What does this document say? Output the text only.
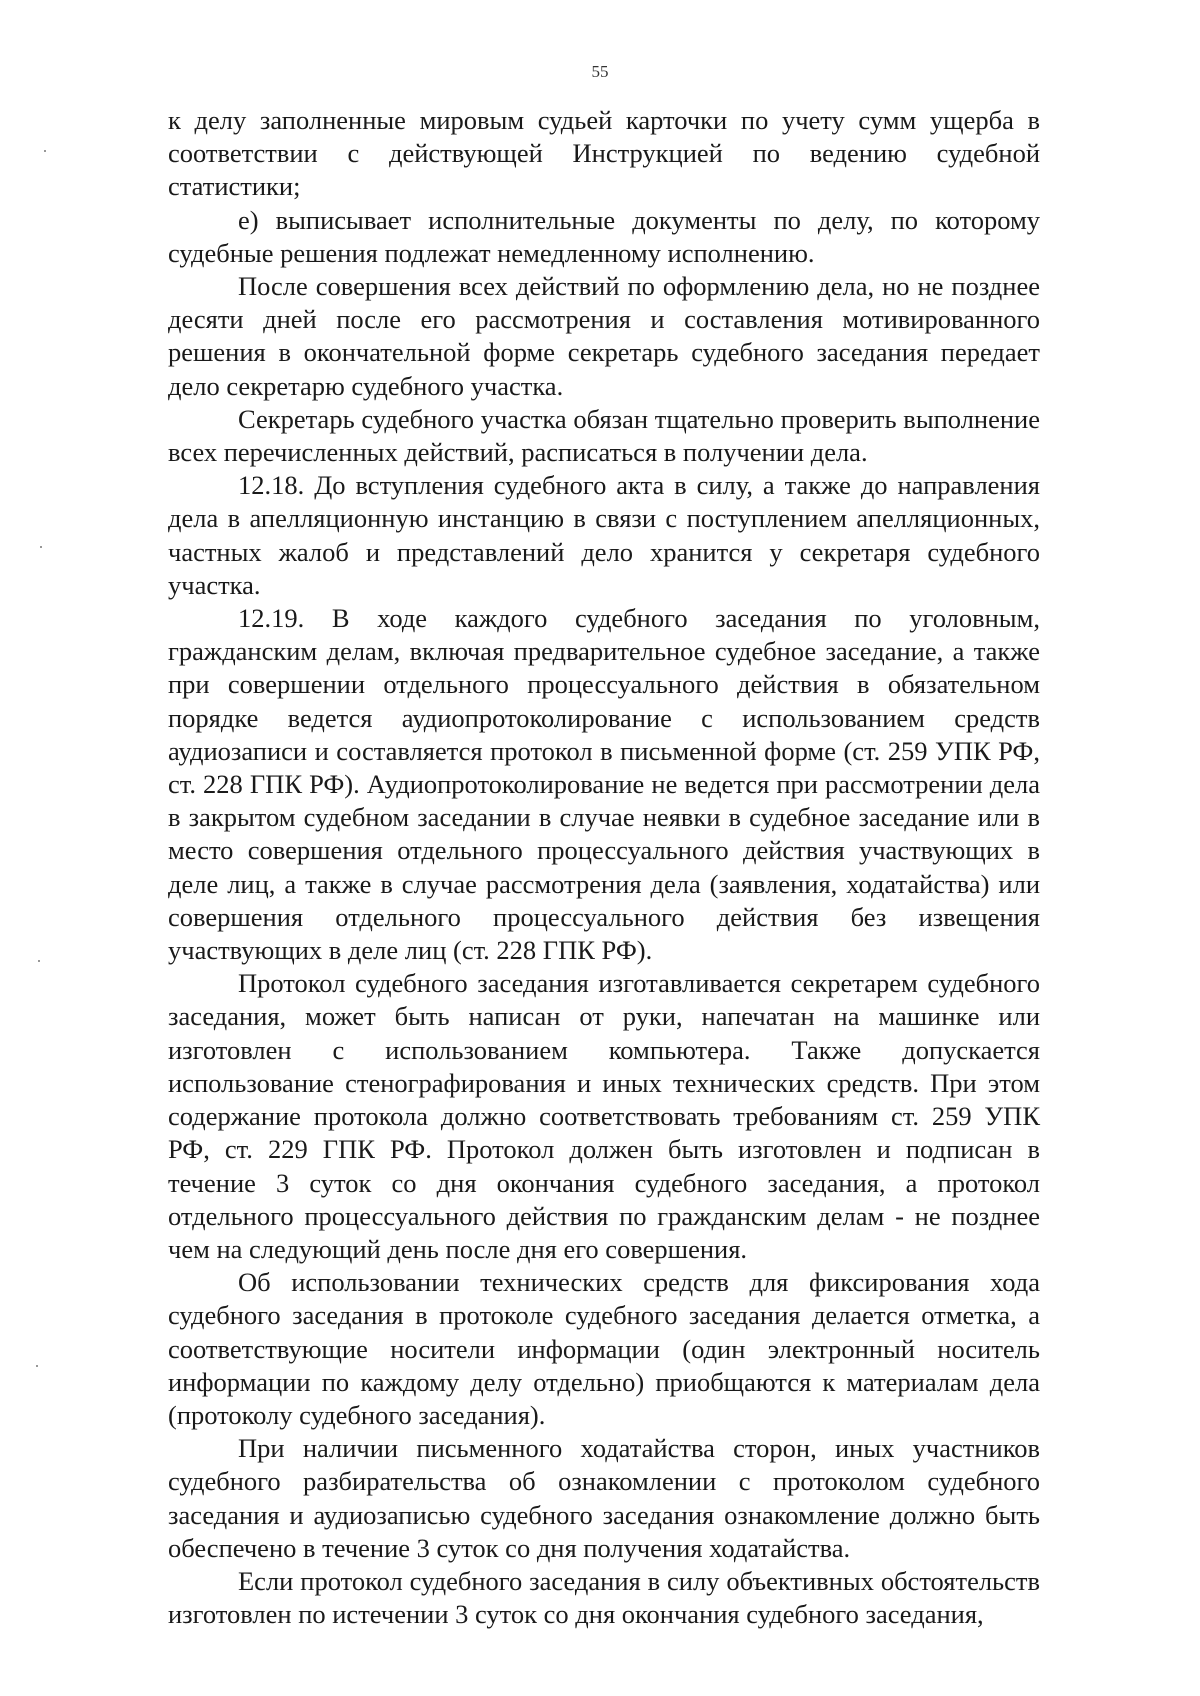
55

к делу заполненные мировым судьей карточки по учету сумм ущерба в соответствии с действующей Инструкцией по ведению судебной статистики;

е) выписывает исполнительные документы по делу, по которому судебные решения подлежат немедленному исполнению.

После совершения всех действий по оформлению дела, но не позднее десяти дней после его рассмотрения и составления мотивированного решения в окончательной форме секретарь судебного заседания передает дело секретарю судебного участка.

Секретарь судебного участка обязан тщательно проверить выполнение всех перечисленных действий, расписаться в получении дела.

12.18. До вступления судебного акта в силу, а также до направления дела в апелляционную инстанцию в связи с поступлением апелляционных, частных жалоб и представлений дело хранится у секретаря судебного участка.

12.19. В ходе каждого судебного заседания по уголовным, гражданским делам, включая предварительное судебное заседание, а также при совершении отдельного процессуального действия в обязательном порядке ведется аудиопротоколирование с использованием средств аудиозаписи и составляется протокол в письменной форме (ст. 259 УПК РФ, ст. 228 ГПК РФ). Аудиопротоколирование не ведется при рассмотрении дела в закрытом судебном заседании в случае неявки в судебное заседание или в место совершения отдельного процессуального действия участвующих в деле лиц, а также в случае рассмотрения дела (заявления, ходатайства) или совершения отдельного процессуального действия без извещения участвующих в деле лиц (ст. 228 ГПК РФ).

Протокол судебного заседания изготавливается секретарем судебного заседания, может быть написан от руки, напечатан на машинке или изготовлен с использованием компьютера. Также допускается использование стенографирования и иных технических средств. При этом содержание протокола должно соответствовать требованиям ст. 259 УПК РФ, ст. 229 ГПК РФ. Протокол должен быть изготовлен и подписан в течение 3 суток со дня окончания судебного заседания, а протокол отдельного процессуального действия по гражданским делам - не позднее чем на следующий день после дня его совершения.

Об использовании технических средств для фиксирования хода судебного заседания в протоколе судебного заседания делается отметка, а соответствующие носители информации (один электронный носитель информации по каждому делу отдельно) приобщаются к материалам дела (протоколу судебного заседания).

При наличии письменного ходатайства сторон, иных участников судебного разбирательства об ознакомлении с протоколом судебного заседания и аудиозаписью судебного заседания ознакомление должно быть обеспечено в течение 3 суток со дня получения ходатайства.

Если протокол судебного заседания в силу объективных обстоятельств изготовлен по истечении 3 суток со дня окончания судебного заседания,
